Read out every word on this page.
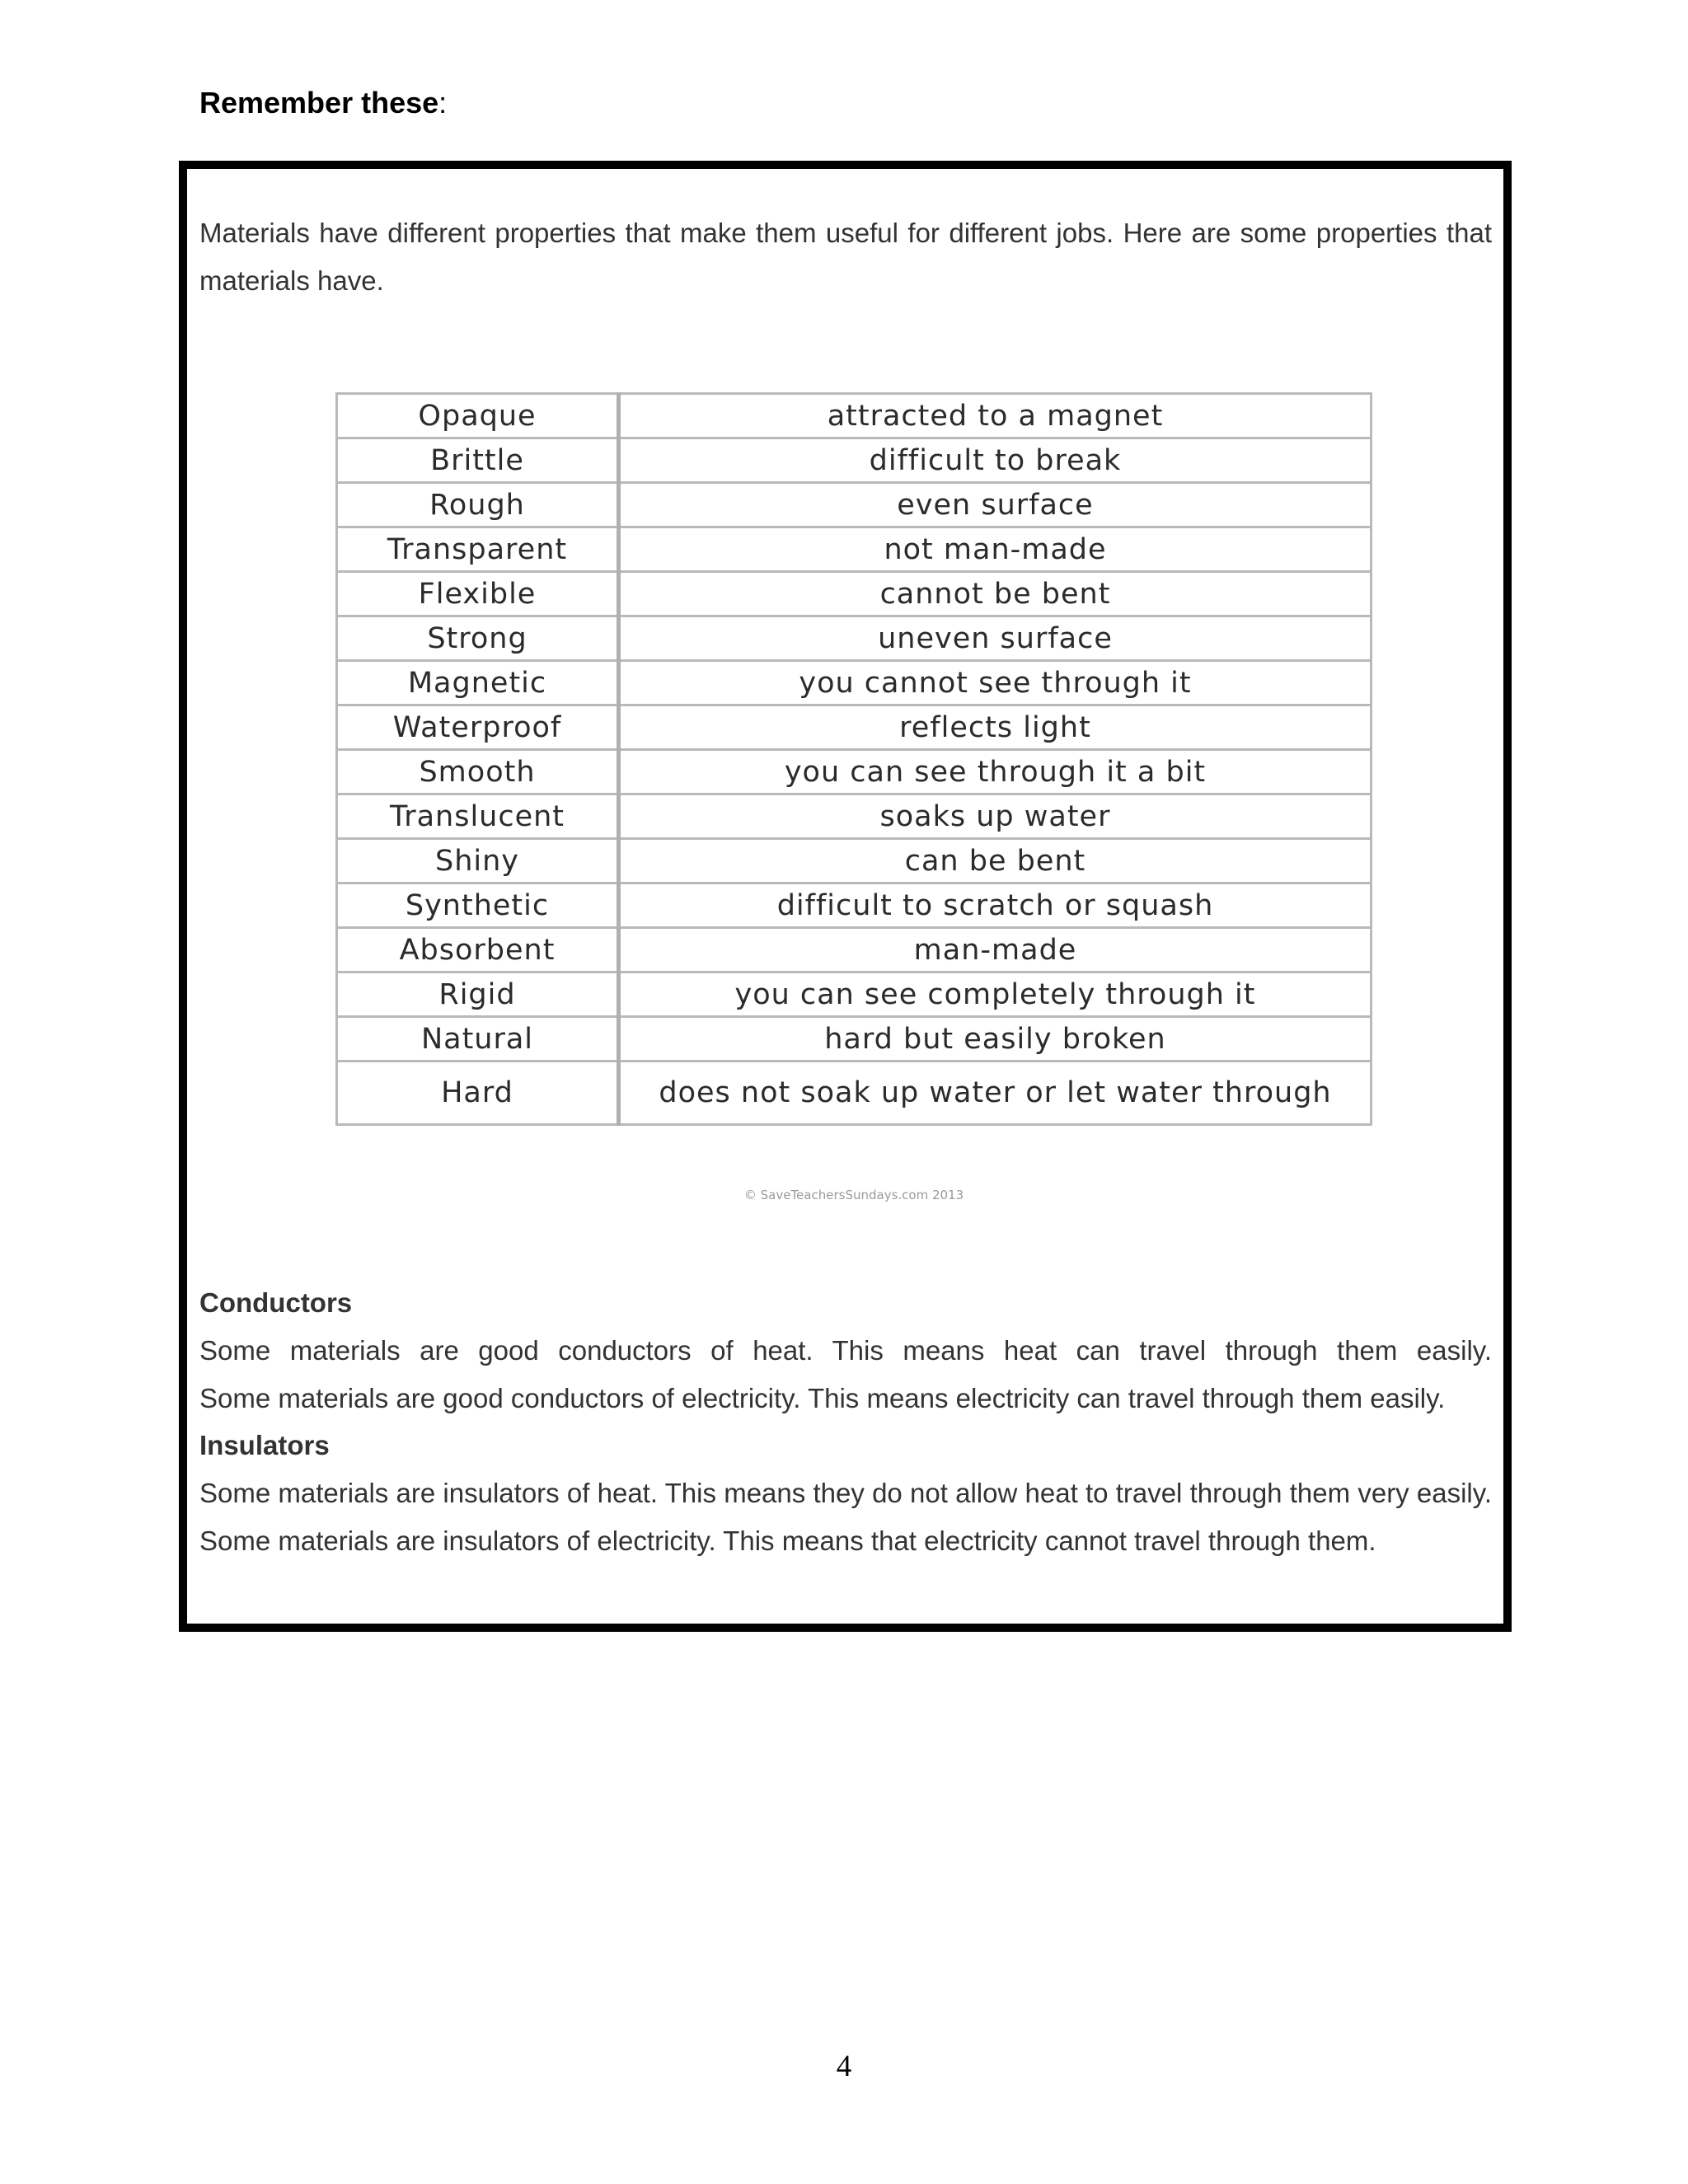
Remember these:
Materials have different properties that make them useful for different jobs. Here are some properties that materials have.
Opaque	attracted to a magnet
Brittle	difficult to break
Rough	even surface
Transparent	not man-made
Flexible	cannot be bent
Strong	uneven surface
Magnetic	you cannot see through it
Waterproof	reflects light
Smooth	you can see through it a bit
Translucent	soaks up water
Shiny	can be bent
Synthetic	difficult to scratch or squash
Absorbent	man-made
Rigid	you can see completely through it
Natural	hard but easily broken
Hard	does not soak up water or let water through
© SaveTeachersSundays.com 2013
Conductors
Some materials are good conductors of heat. This means heat can travel through them easily.
Some materials are good conductors of electricity. This means electricity can travel through them easily.
Insulators
Some materials are insulators of heat. This means they do not allow heat to travel through them very easily. Some materials are insulators of electricity. This means that electricity cannot travel through them.
4
